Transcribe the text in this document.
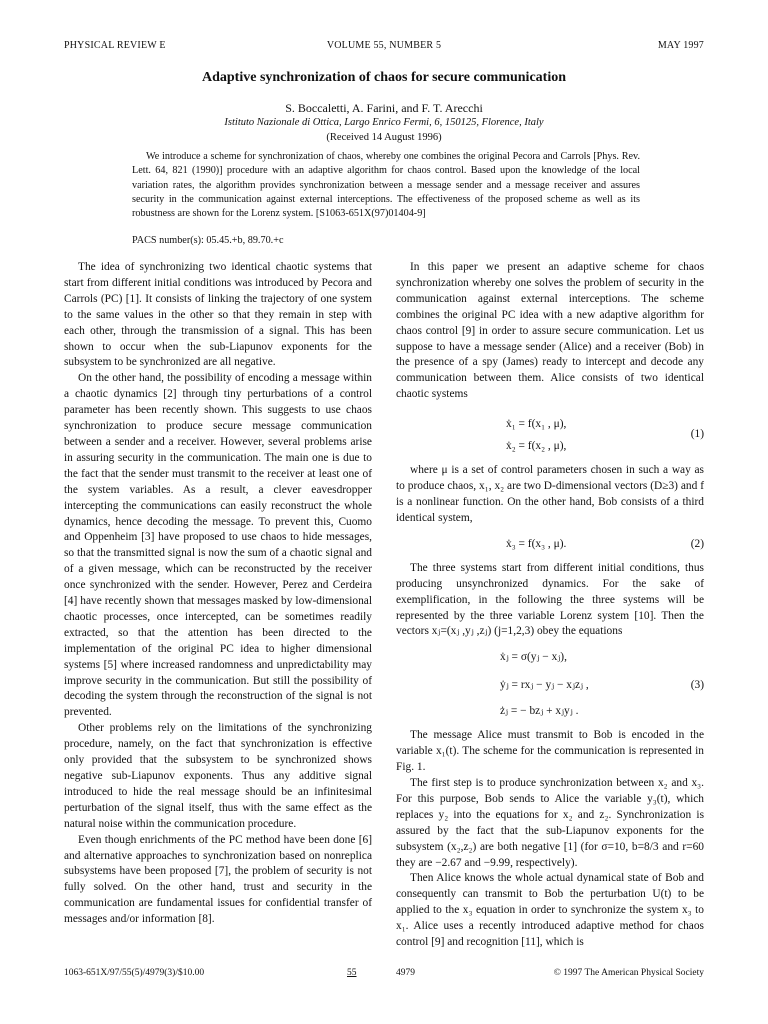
PHYSICAL REVIEW E	VOLUME 55, NUMBER 5	MAY 1997
Adaptive synchronization of chaos for secure communication
S. Boccaletti, A. Farini, and F. T. Arecchi
Istituto Nazionale di Ottica, Largo Enrico Fermi, 6, 150125, Florence, Italy
(Received 14 August 1996)
We introduce a scheme for synchronization of chaos, whereby one combines the original Pecora and Carrols [Phys. Rev. Lett. 64, 821 (1990)] procedure with an adaptive algorithm for chaos control. Based upon the knowledge of the local variation rates, the algorithm provides synchronization between a message sender and a message receiver and assures security in the communication against external interceptions. The effectiveness of the proposed scheme as well as its robustness are shown for the Lorenz system. [S1063-651X(97)01404-9]
PACS number(s): 05.45.+b, 89.70.+c

The idea of synchronizing two identical chaotic systems that start from different initial conditions was introduced by Pecora and Carrols (PC) [1]. It consists of linking the trajectory of one system to the same values in the other so that they remain in step with each other, through the transmission of a signal. This has been shown to occur when the sub-Liapunov exponents for the subsystem to be synchronized are all negative.

On the other hand, the possibility of encoding a message within a chaotic dynamics [2] through tiny perturbations of a control parameter has been recently shown. This suggests to use chaos synchronization to produce secure message communication between a sender and a receiver. However, several problems arise in assuring security in the communication. The main one is due to the fact that the sender must transmit to the receiver at least one of the system variables. As a result, a clever eavesdropper intercepting the communications can easily reconstruct the whole dynamics, hence decoding the message. To prevent this, Cuomo and Oppenheim [3] have proposed to use chaos to hide messages, so that the transmitted signal is now the sum of a chaotic signal and of a given message, which can be reconstructed by the receiver once synchronized with the sender. However, Perez and Cerdeira [4] have recently shown that messages masked by low-dimensional chaotic processes, once intercepted, can be sometimes readily extracted, so that the attention has been directed to the implementation of the original PC idea to higher dimensional systems [5] where increased randomness and unpredictability may improve security in the communication. But still the possibility of decoding the system through the reconstruction of the signal is not prevented.

Other problems rely on the limitations of the synchronizing procedure, namely, on the fact that synchronization is effective only provided that the subsystem to be synchronized shows negative sub-Liapunov exponents. Thus any additive signal introduced to hide the real message should be an infinitesimal perturbation of the signal itself, thus with the same effect as the natural noise within the communication procedure.

Even though enrichments of the PC method have been done [6] and alternative approaches to synchronization based on nonreplica subsystems have been proposed [7], the problem of security is not fully solved. On the other hand, trust and security in the communication are fundamental issues for confidential transfer of messages and/or information [8].

In this paper we present an adaptive scheme for chaos synchronization whereby one solves the problem of security in the communication against external interceptions. The scheme combines the original PC idea with a new adaptive algorithm for chaos control [9] in order to assure secure communication. Let us suppose to have a message sender (Alice) and a receiver (Bob) in the presence of a spy (James) ready to intercept and decode any communication between them. Alice consists of two identical chaotic systems

ẋ₁ = f(x₁ , μ),
(1)
ẋ₂ = f(x₂ , μ),

where μ is a set of control parameters chosen in such a way as to produce chaos, x₁, x₂ are two D-dimensional vectors (D≥3) and f is a nonlinear function. On the other hand, Bob consists of a third identical system,

ẋ₃ = f(x₃ , μ).	(2)

The three systems start from different initial conditions, thus producing unsynchronized dynamics. For the sake of exemplification, in the following the three systems will be represented by the three variable Lorenz system [10]. Then the vectors xⱼ=(xⱼ ,yⱼ ,zⱼ) (j=1,2,3) obey the equations

ẋⱼ = σ(yⱼ − xⱼ),
ẏⱼ = rxⱼ − yⱼ − xⱼzⱼ ,	(3)
żⱼ = − bzⱼ + xⱼyⱼ .

The message Alice must transmit to Bob is encoded in the variable x₁(t). The scheme for the communication is represented in Fig. 1.

The first step is to produce synchronization between x₂ and x₃. For this purpose, Bob sends to Alice the variable y₃(t), which replaces y₂ into the equations for x₂ and z₂. Synchronization is assured by the fact that the sub-Liapunov exponents for the subsystem (x₂,z₂) are both negative [1] (for σ=10, b=8/3 and r=60 they are −2.67 and −9.99, respectively).

Then Alice knows the whole actual dynamical state of Bob and consequently can transmit to Bob the perturbation U(t) to be applied to the x₃ equation in order to synchronize the system x₃ to x₁. Alice uses a recently introduced adaptive method for chaos control [9] and recognition [11], which is

1063-651X/97/55(5)/4979(3)/$10.00	55	4979	© 1997 The American Physical Society
